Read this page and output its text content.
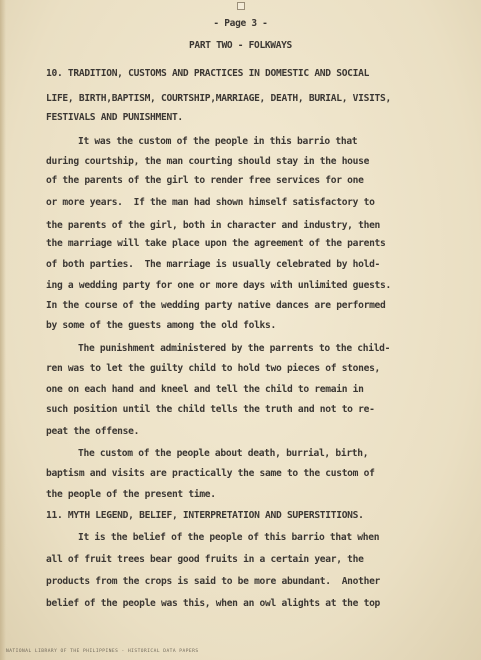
- Page 3 -
PART TWO - FOLKWAYS
10. TRADITION, CUSTOMS AND PRACTICES IN DOMESTIC AND SOCIAL
LIFE, BIRTH,BAPTISM, COURTSHIP,MARRIAGE, DEATH, BURIAL, VISITS,
FESTIVALS AND PUNISHMENT.
It was the custom of the people in this barrio that
during courtship, the man courting should stay in the house
of the parents of the girl to render free services for one
or more years.  If the man had shown himself satisfactory to
the parents of the girl, both in character and industry, then
the marriage will take place upon the agreement of the parents
of both parties.  The marriage is usually celebrated by hold-
ing a wedding party for one or more days with unlimited guests.
In the course of the wedding party native dances are performed
by some of the guests among the old folks.
The punishment administered by the parrents to the child-
ren was to let the guilty child to hold two pieces of stones,
one on each hand and kneel and tell the child to remain in
such position until the child tells the truth and not to re-
peat the offense.
The custom of the people about death, burrial, birth,
baptism and visits are practically the same to the custom of
the people of the present time.
11. MYTH LEGEND, BELIEF, INTERPRETATION AND SUPERSTITIONS.
It is the belief of the people of this barrio that when
all of fruit trees bear good fruits in a certain year, the
products from the crops is said to be more abundant.  Another
belief of the people was this, when an owl alights at the top
NATIONAL LIBRARY OF THE PHILIPPINES - HISTORICAL DATA PAPERS
